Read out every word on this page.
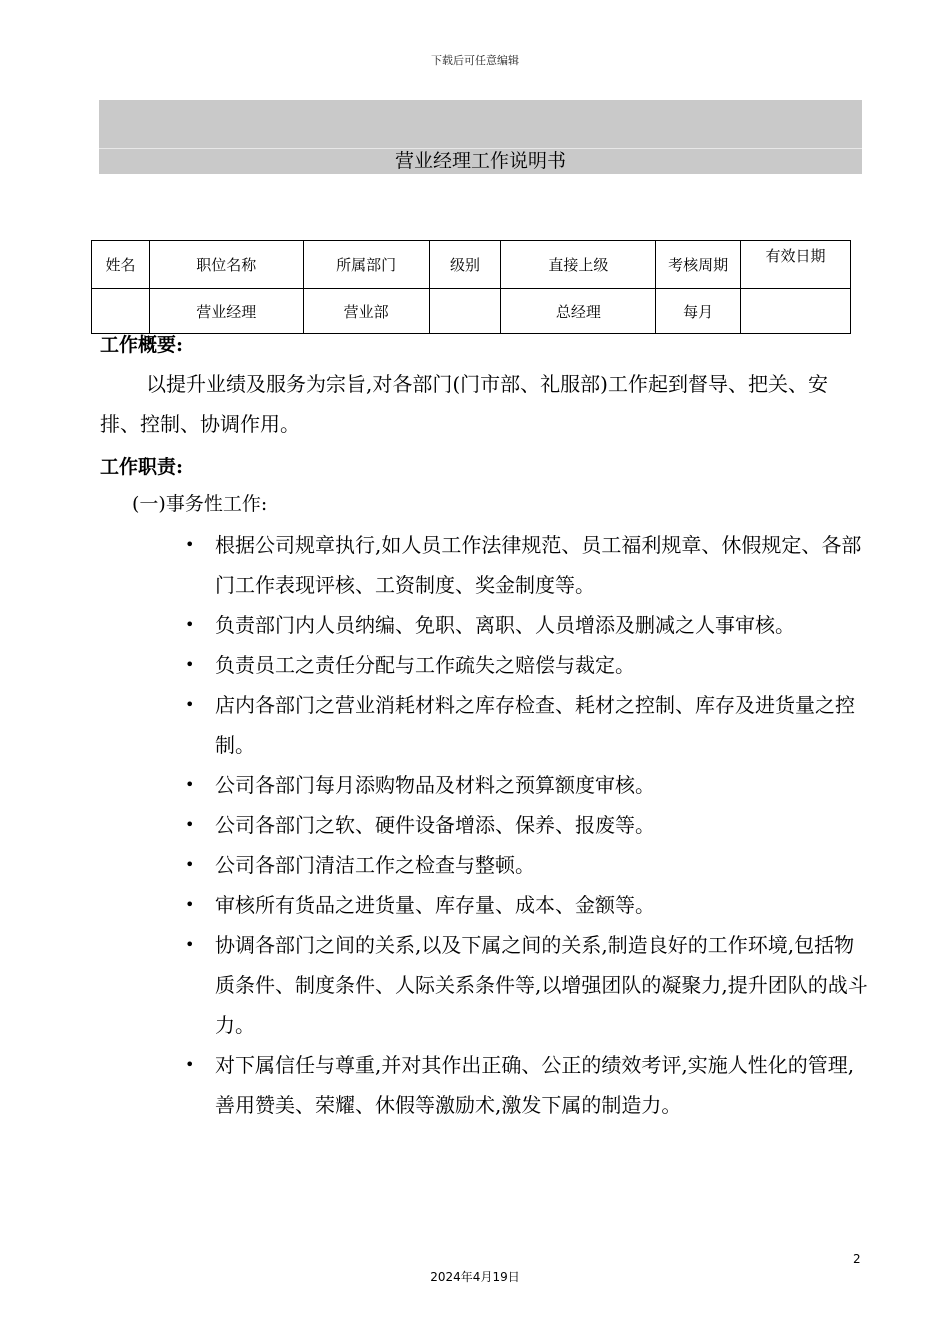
下载后可任意编辑
营业经理工作说明书
姓名	职位名称	所属部门	级别	直接上级	考核周期	有效日期
	营业经理	营业部		总经理	每月	
工作概要:
以提升业绩及服务为宗旨,对各部门(门市部、礼服部)工作起到督导、把关、安排、控制、协调作用。
工作职责:
(一)事务性工作:
• 根据公司规章执行,如人员工作法律规范、员工福利规章、休假规定、各部门工作表现评核、工资制度、奖金制度等。
• 负责部门内人员纳编、免职、离职、人员增添及删减之人事审核。
• 负责员工之责任分配与工作疏失之赔偿与裁定。
• 店内各部门之营业消耗材料之库存检查、耗材之控制、库存及进货量之控制。
• 公司各部门每月添购物品及材料之预算额度审核。
• 公司各部门之软、硬件设备增添、保养、报废等。
• 公司各部门清洁工作之检查与整顿。
• 审核所有货品之进货量、库存量、成本、金额等。
• 协调各部门之间的关系,以及下属之间的关系,制造良好的工作环境,包括物质条件、制度条件、人际关系条件等,以增强团队的凝聚力,提升团队的战斗力。
• 对下属信任与尊重,并对其作出正确、公正的绩效考评,实施人性化的管理,善用赞美、荣耀、休假等激励术,激发下属的制造力。
2
2024年4月19日
